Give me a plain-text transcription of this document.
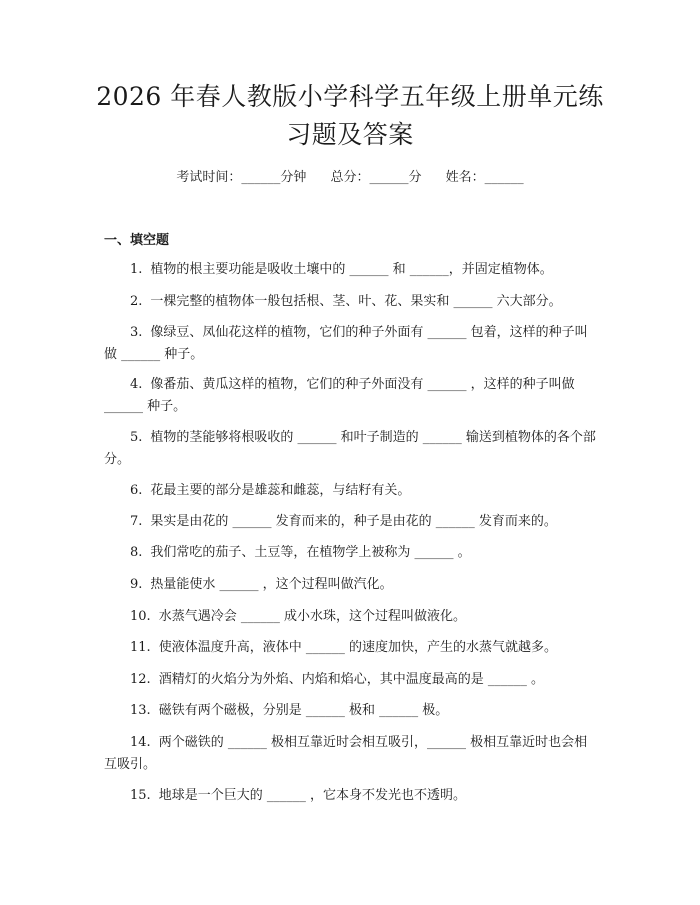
2026 年春人教版小学科学五年级上册单元练
习题及答案
考试时间：______分钟 总分：______分 姓名：______
一、填空题
1. 植物的根主要功能是吸收土壤中的 ______ 和 ______，并固定植物体。
2. 一棵完整的植物体一般包括根、茎、叶、花、果实和 ______ 六大部分。
3. 像绿豆、凤仙花这样的植物，它们的种子外面有 ______ 包着，这样的种子叫做 ______ 种子。
4. 像番茄、黄瓜这样的植物，它们的种子外面没有 ______ ，这样的种子叫做 ______ 种子。
5. 植物的茎能够将根吸收的 ______ 和叶子制造的 ______ 输送到植物体的各个部分。
6. 花最主要的部分是雄蕊和雌蕊，与结籽有关。
7. 果实是由花的 ______ 发育而来的，种子是由花的 ______ 发育而来的。
8. 我们常吃的茄子、土豆等，在植物学上被称为 ______ 。
9. 热量能使水 ______ ，这个过程叫做汽化。
10. 水蒸气遇冷会 ______ 成小水珠，这个过程叫做液化。
11. 使液体温度升高，液体中 ______ 的速度加快，产生的水蒸气就越多。
12. 酒精灯的火焰分为外焰、内焰和焰心，其中温度最高的是 ______ 。
13. 磁铁有两个磁极，分别是 ______ 极和 ______ 极。
14. 两个磁铁的 ______ 极相互靠近时会相互吸引，______ 极相互靠近时也会相互吸引。
15. 地球是一个巨大的 ______ ，它本身不发光也不透明。
